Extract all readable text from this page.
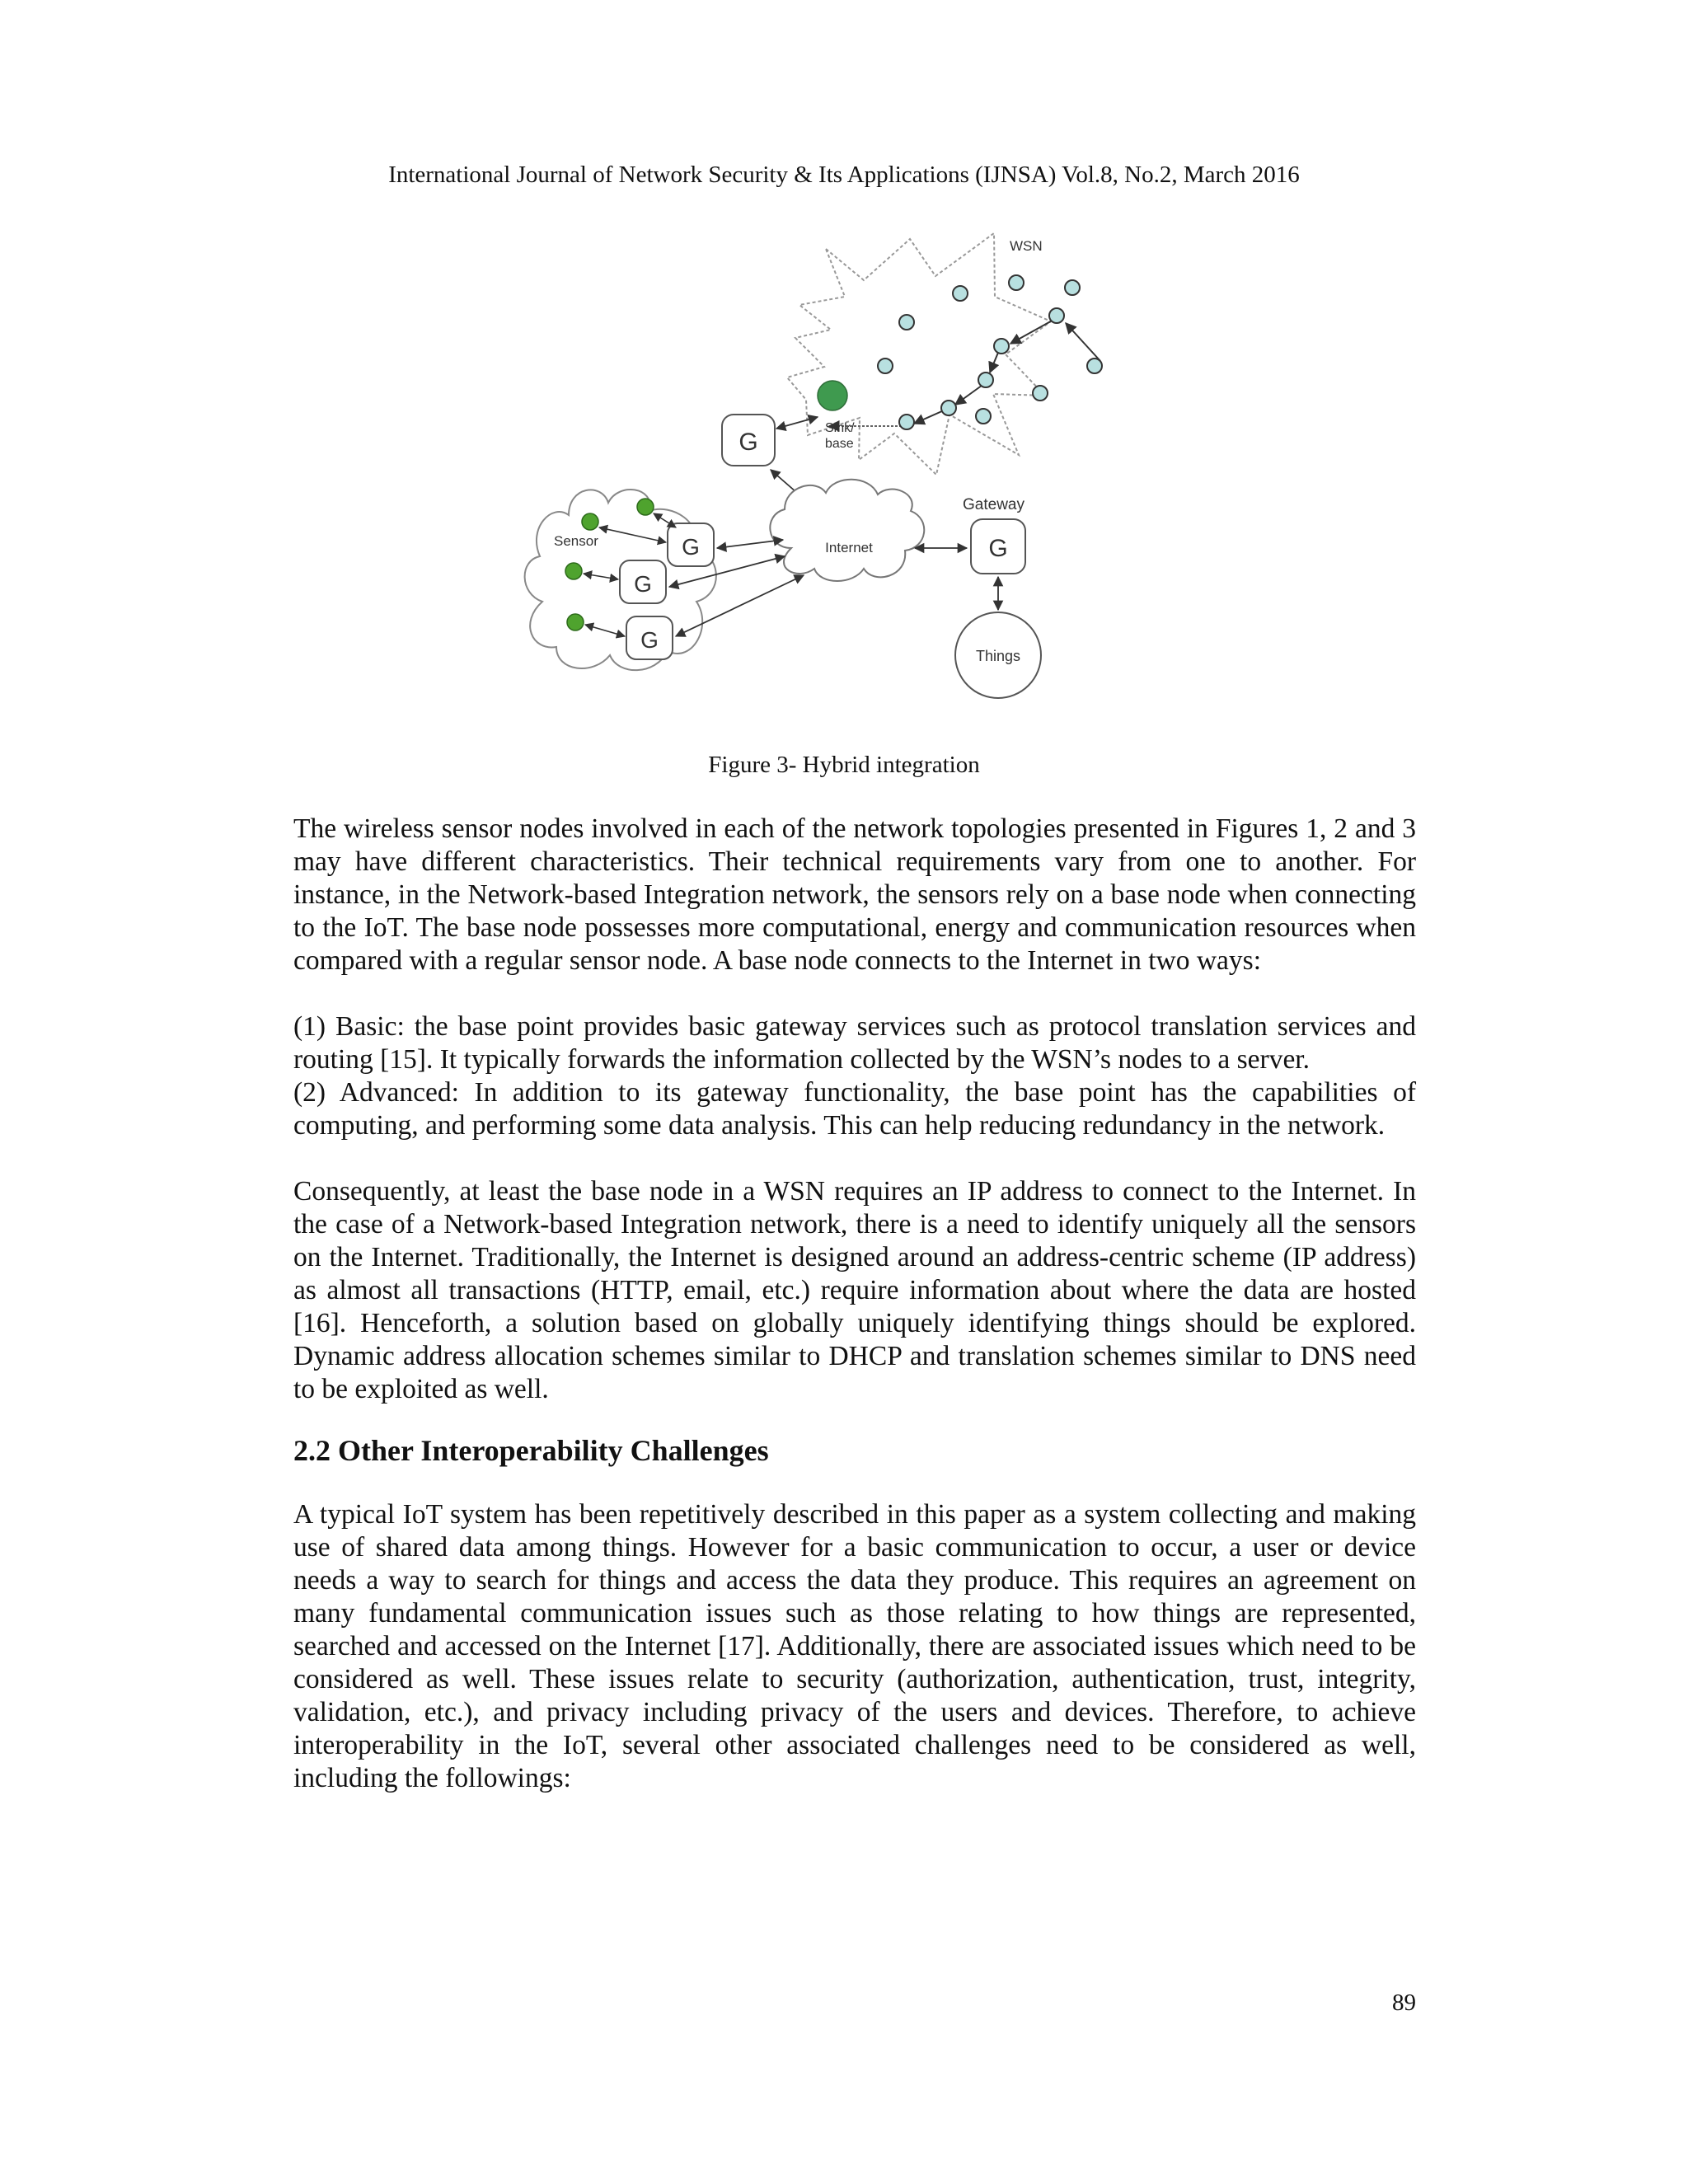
International Journal of Network Security & Its Applications (IJNSA) Vol.8, No.2, March 2016
WSN
Sink/
base
G
Internet
Sensor	G
G
G
Gateway
G
Things
Figure 3- Hybrid integration

The wireless sensor nodes involved in each of the network topologies presented in Figures 1, 2 and 3 may have different characteristics. Their technical requirements vary from one to another. For instance, in the Network-based Integration network, the sensors rely on a base node when connecting to the IoT. The base node possesses more computational, energy and communication resources when compared with a regular sensor node. A base node connects to the Internet in two ways:

(1) Basic: the base point provides basic gateway services such as protocol translation services and routing [15]. It typically forwards the information collected by the WSN’s nodes to a server.

(2) Advanced: In addition to its gateway functionality, the base point has the capabilities of computing, and performing some data analysis. This can help reducing redundancy in the network.

Consequently, at least the base node in a WSN requires an IP address to connect to the Internet. In the case of a Network-based Integration network, there is a need to identify uniquely all the sensors on the Internet. Traditionally, the Internet is designed around an address-centric scheme (IP address) as almost all transactions (HTTP, email, etc.) require information about where the data are hosted [16]. Henceforth, a solution based on globally uniquely identifying things should be explored. Dynamic address allocation schemes similar to DHCP and translation schemes similar to DNS need to be exploited as well.

2.2 Other Interoperability Challenges

A typical IoT system has been repetitively described in this paper as a system collecting and making use of shared data among things. However for a basic communication to occur, a user or device needs a way to search for things and access the data they produce. This requires an agreement on many fundamental communication issues such as those relating to how things are represented, searched and accessed on the Internet [17]. Additionally, there are associated issues which need to be considered as well. These issues relate to security (authorization, authentication, trust, integrity, validation, etc.), and privacy including privacy of the users and devices. Therefore, to achieve interoperability in the IoT, several other associated challenges need to be considered as well, including the followings:

89
